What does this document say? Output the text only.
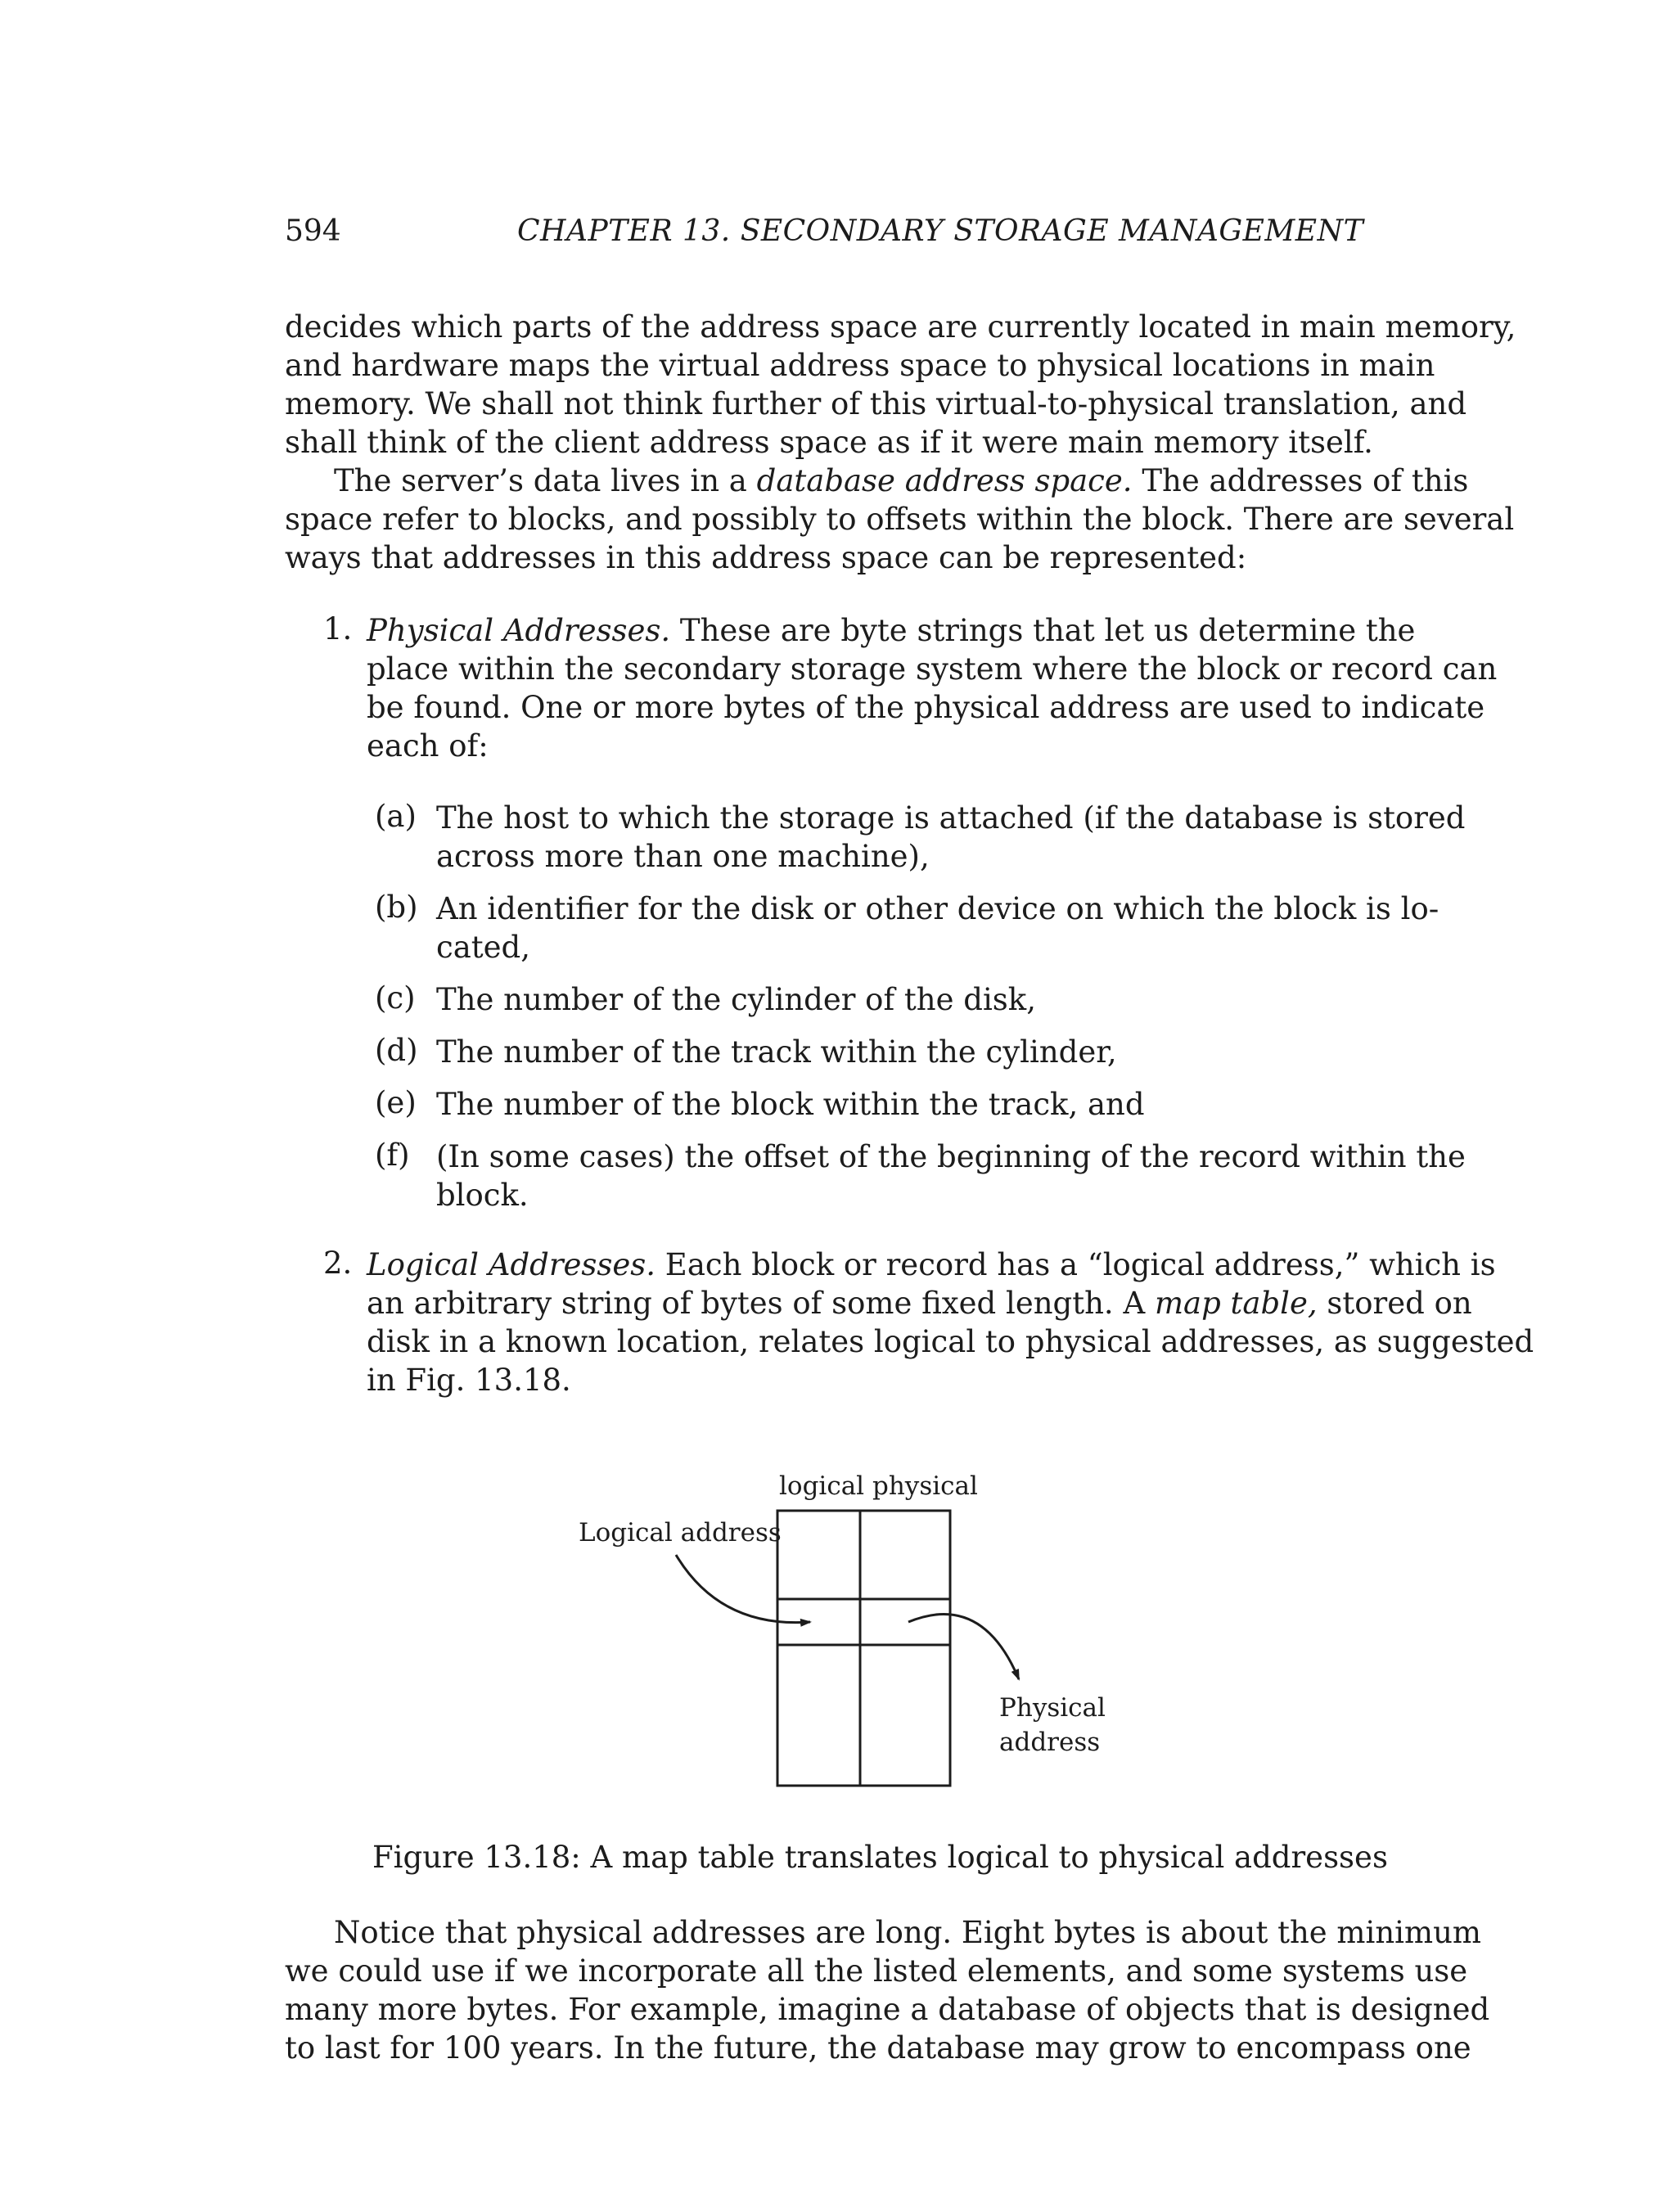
594	CHAPTER 13. SECONDARY STORAGE MANAGEMENT
decides which parts of the address space are currently located in main memory,
and hardware maps the virtual address space to physical locations in main
memory. We shall not think further of this virtual-to-physical translation, and
shall think of the client address space as if it were main memory itself.
The server’s data lives in a database address space. The addresses of this
space refer to blocks, and possibly to offsets within the block. There are several
ways that addresses in this address space can be represented:
1. Physical Addresses. These are byte strings that let us determine the
place within the secondary storage system where the block or record can
be found. One or more bytes of the physical address are used to indicate
each of:
(a) The host to which the storage is attached (if the database is stored
across more than one machine),
(b) An identifier for the disk or other device on which the block is lo-
cated,
(c) The number of the cylinder of the disk,
(d) The number of the track within the cylinder,
(e) The number of the block within the track, and
(f) (In some cases) the offset of the beginning of the record within the
block.
2. Logical Addresses. Each block or record has a “logical address,” which is
an arbitrary string of bytes of some fixed length. A map table, stored on
disk in a known location, relates logical to physical addresses, as suggested
in Fig. 13.18.
logical physical
Logical address
Physical
address
Figure 13.18: A map table translates logical to physical addresses
Notice that physical addresses are long. Eight bytes is about the minimum
we could use if we incorporate all the listed elements, and some systems use
many more bytes. For example, imagine a database of objects that is designed
to last for 100 years. In the future, the database may grow to encompass one
